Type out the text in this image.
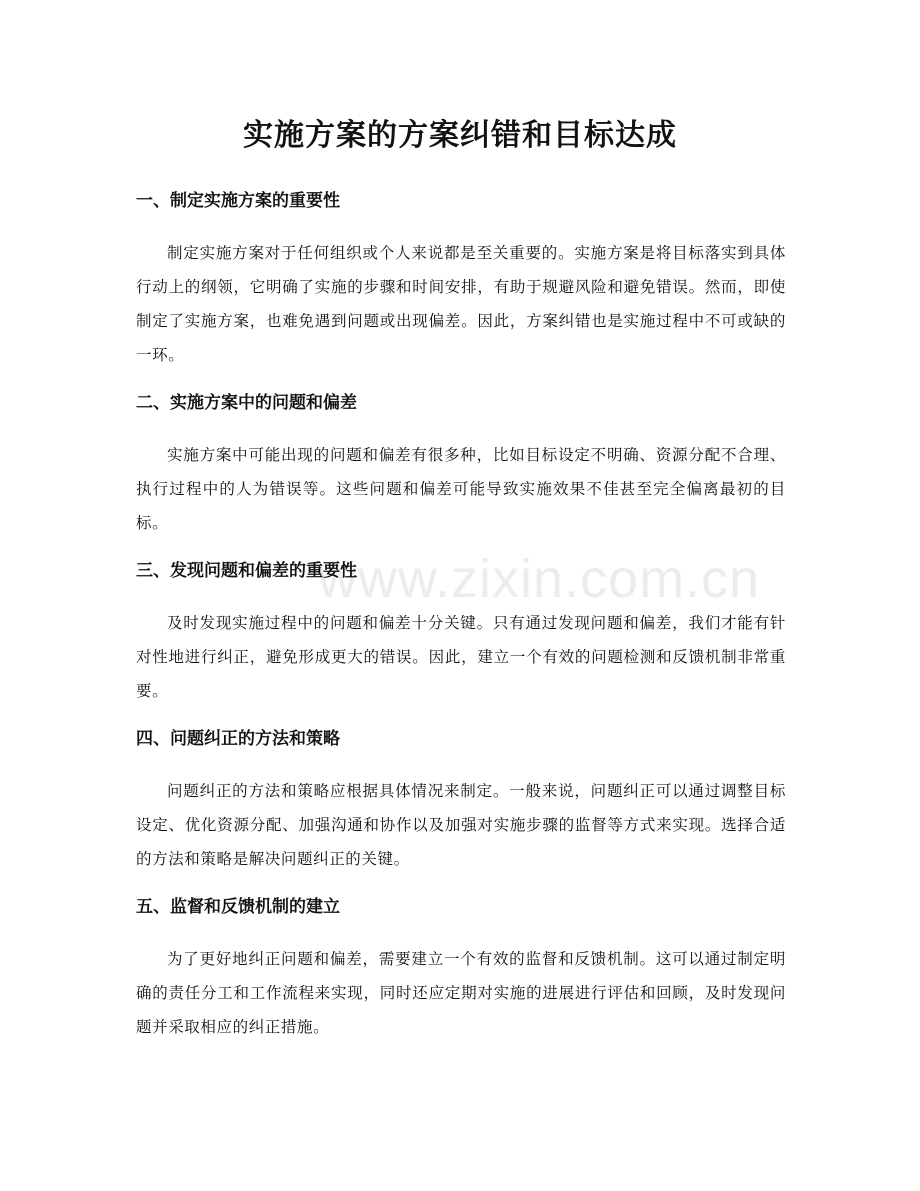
实施方案的方案纠错和目标达成
一、制定实施方案的重要性

制定实施方案对于任何组织或个人来说都是至关重要的。实施方案是将目标落实到具体行动上的纲领，它明确了实施的步骤和时间安排，有助于规避风险和避免错误。然而，即使制定了实施方案，也难免遇到问题或出现偏差。因此，方案纠错也是实施过程中不可或缺的一环。

二、实施方案中的问题和偏差

实施方案中可能出现的问题和偏差有很多种，比如目标设定不明确、资源分配不合理、执行过程中的人为错误等。这些问题和偏差可能导致实施效果不佳甚至完全偏离最初的目标。

三、发现问题和偏差的重要性

及时发现实施过程中的问题和偏差十分关键。只有通过发现问题和偏差，我们才能有针对性地进行纠正，避免形成更大的错误。因此，建立一个有效的问题检测和反馈机制非常重要。

四、问题纠正的方法和策略

问题纠正的方法和策略应根据具体情况来制定。一般来说，问题纠正可以通过调整目标设定、优化资源分配、加强沟通和协作以及加强对实施步骤的监督等方式来实现。选择合适的方法和策略是解决问题纠正的关键。

五、监督和反馈机制的建立

为了更好地纠正问题和偏差，需要建立一个有效的监督和反馈机制。这可以通过制定明确的责任分工和工作流程来实现，同时还应定期对实施的进展进行评估和回顾，及时发现问题并采取相应的纠正措施。

www.zixin.com.cn
